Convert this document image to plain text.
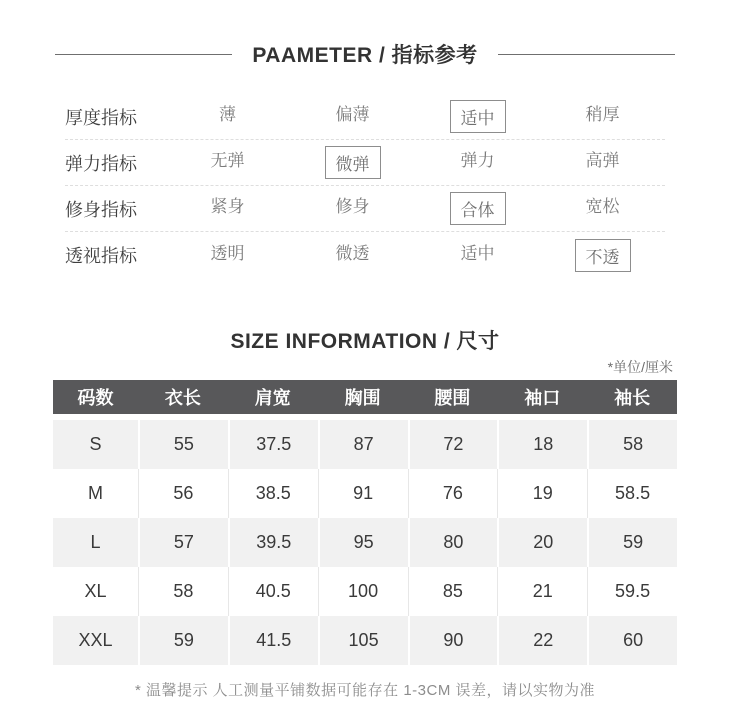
PAAMETER / 指标参考
厚度指标	薄	偏薄	适中	稍厚
弹力指标	无弹	微弹	弹力	高弹
修身指标	紧身	修身	合体	宽松
透视指标	透明	微透	适中	不透
SIZE INFORMATION / 尺寸
*单位/厘米
码数	衣长	肩宽	胸围	腰围	袖口	袖长
S	55	37.5	87	72	18	58
M	56	38.5	91	76	19	58.5
L	57	39.5	95	80	20	59
XL	58	40.5	100	85	21	59.5
XXL	59	41.5	105	90	22	60
* 温馨提示 人工测量平铺数据可能存在 1-3CM 误差，请以实物为准
